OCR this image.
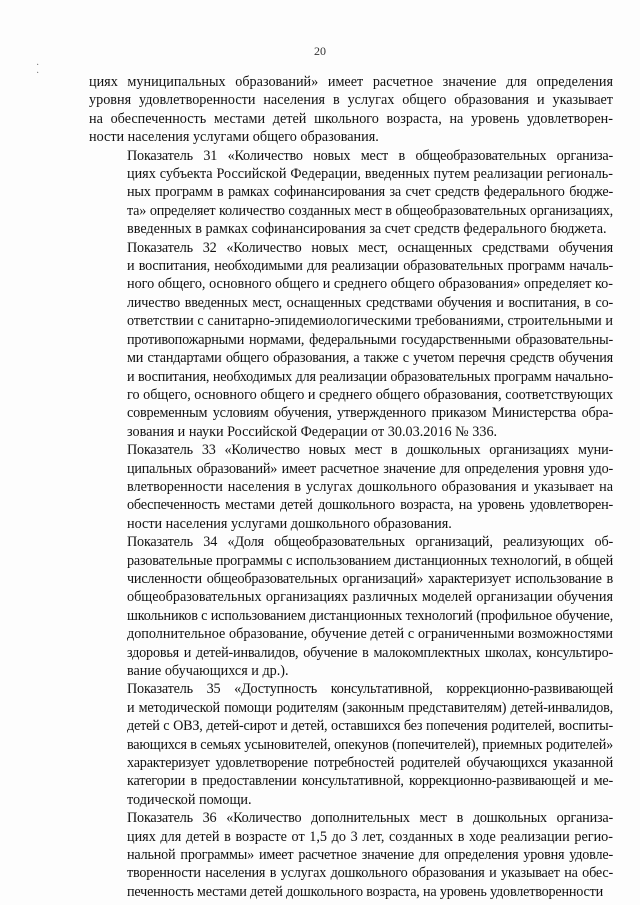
20
·
·

циях муниципальных образований» имеет расчетное значение для определения
уровня удовлетворенности населения в услугах общего образования и указывает
на обеспеченность местами детей школьного возраста, на уровень удовлетворен-
ности населения услугами общего образования.

Показатель 31 «Количество новых мест в общеобразовательных организа-
циях субъекта Российской Федерации, введенных путем реализации региональ-
ных программ в рамках софинансирования за счет средств федерального бюдже-
та» определяет количество созданных мест в общеобразовательных организациях,
введенных в рамках софинансирования за счет средств федерального бюджета.

Показатель 32 «Количество новых мест, оснащенных средствами обучения
и воспитания, необходимыми для реализации образовательных программ началь-
ного общего, основного общего и среднего общего образования» определяет ко-
личество введенных мест, оснащенных средствами обучения и воспитания, в со-
ответствии с санитарно-эпидемиологическими требованиями, строительными и
противопожарными нормами, федеральными государственными образовательны-
ми стандартами общего образования, а также с учетом перечня средств обучения
и воспитания, необходимых для реализации образовательных программ начально-
го общего, основного общего и среднего общего образования, соответствующих
современным условиям обучения, утвержденного приказом Министерства обра-
зования и науки Российской Федерации от 30.03.2016 № 336.

Показатель 33 «Количество новых мест в дошкольных организациях муни-
ципальных образований» имеет расчетное значение для определения уровня удо-
влетворенности населения в услугах дошкольного образования и указывает на
обеспеченность местами детей дошкольного возраста, на уровень удовлетворен-
ности населения услугами дошкольного образования.

Показатель 34 «Доля общеобразовательных организаций, реализующих об-
разовательные программы с использованием дистанционных технологий, в общей
численности общеобразовательных организаций» характеризует использование в
общеобразовательных организациях различных моделей организации обучения
школьников с использованием дистанционных технологий (профильное обучение,
дополнительное образование, обучение детей с ограниченными возможностями
здоровья и детей-инвалидов, обучение в малокомплектных школах, консультиро-
вание обучающихся и др.).

Показатель 35 «Доступность консультативной, коррекционно-развивающей
и методической помощи родителям (законным представителям) детей-инвалидов,
детей с ОВЗ, детей-сирот и детей, оставшихся без попечения родителей, воспиты-
вающихся в семьях усыновителей, опекунов (попечителей), приемных родителей»
характеризует удовлетворение потребностей родителей обучающихся указанной
категории в предоставлении консультативной, коррекционно-развивающей и ме-
тодической помощи.

Показатель 36 «Количество дополнительных мест в дошкольных организа-
циях для детей в возрасте от 1,5 до 3 лет, созданных в ходе реализации регио-
нальной программы» имеет расчетное значение для определения уровня удовле-
творенности населения в услугах дошкольного образования и указывает на обес-
печенность местами детей дошкольного возраста, на уровень удовлетворенности
